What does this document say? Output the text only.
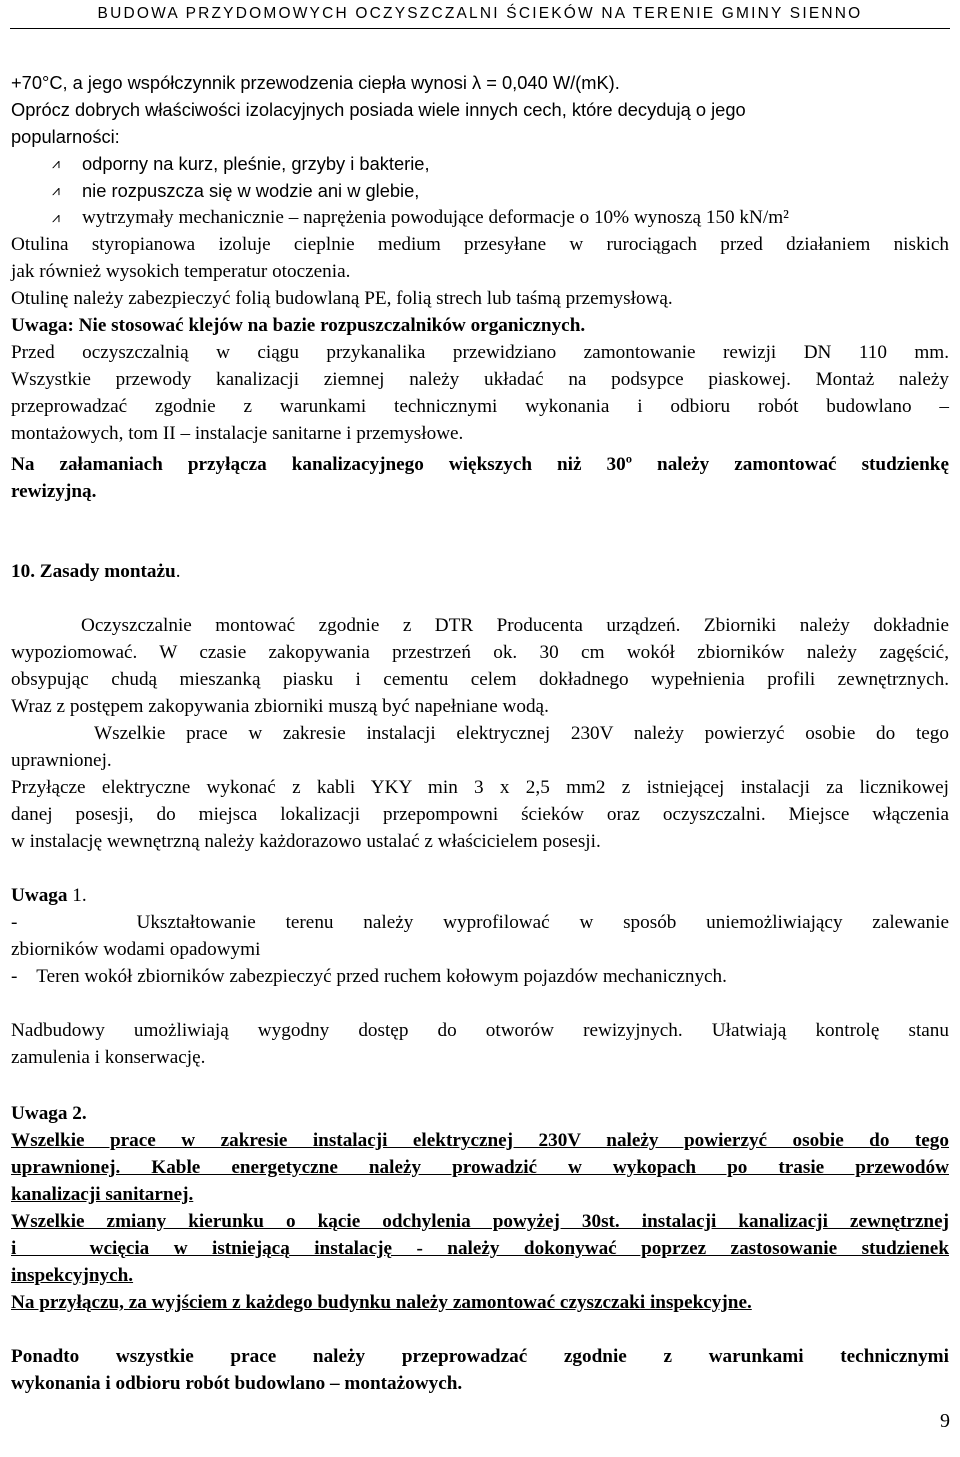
BUDOWA PRZYDOMOWYCH OCZYSZCZALNI ŚCIEKÓW NA TERENIE GMINY SIENNO
+70°C, a jego współczynnik przewodzenia ciepła wynosi λ = 0,040 W/(mK).
Oprócz dobrych właściwości izolacyjnych posiada wiele innych cech, które decydują o jego
popularności:
⩘ odporny na kurz, pleśnie, grzyby i bakterie,
⩘ nie rozpuszcza się w wodzie ani w glebie,
⩘ wytrzymały mechanicznie – naprężenia powodujące deformacje o 10% wynoszą 150 kN/m²
Otulina styropianowa izoluje cieplnie medium przesyłane w rurociągach przed działaniem niskich
jak również wysokich temperatur otoczenia.
Otulinę należy zabezpieczyć folią budowlaną PE, folią strech lub taśmą przemysłową.
Uwaga: Nie stosować klejów na bazie rozpuszczalników organicznych.
Przed oczyszczalnią w ciągu przykanalika przewidziano zamontowanie rewizji DN 110 mm.
Wszystkie przewody kanalizacji ziemnej należy układać na podsypce piaskowej. Montaż należy
przeprowadzać zgodnie z warunkami technicznymi wykonania i odbioru robót budowlano –
montażowych, tom II – instalacje sanitarne i przemysłowe.
Na załamaniach przyłącza kanalizacyjnego większych niż 30º należy zamontować studzienkę
rewizyjną.
10. Zasady montażu.
Oczyszczalnie montować zgodnie z DTR Producenta urządzeń. Zbiorniki należy dokładnie
wypoziomować. W czasie zakopywania przestrzeń ok. 30 cm wokół zbiorników należy zagęścić,
obsypując chudą mieszanką piasku i cementu celem dokładnego wypełnienia profili zewnętrznych.
Wraz z postępem zakopywania zbiorniki muszą być napełniane wodą.
Wszelkie prace w zakresie instalacji elektrycznej 230V należy powierzyć osobie do tego
uprawnionej.
Przyłącze elektryczne wykonać z kabli YKY min 3 x 2,5 mm2 z istniejącej instalacji za licznikowej
danej posesji, do miejsca lokalizacji przepompowni ścieków oraz oczyszczalni. Miejsce włączenia
w instalację wewnętrzną należy każdorazowo ustalać z właścicielem posesji.
Uwaga 1.
-    Ukształtowanie terenu należy wyprofilować w sposób uniemożliwiający zalewanie
zbiorników wodami opadowymi
-    Teren wokół zbiorników zabezpieczyć przed ruchem kołowym pojazdów mechanicznych.
Nadbudowy umożliwiają wygodny dostęp do otworów rewizyjnych. Ułatwiają kontrolę stanu
zamulenia i konserwację.
Uwaga 2.
Wszelkie prace w zakresie instalacji elektrycznej 230V należy powierzyć osobie do tego
uprawnionej. Kable energetyczne należy prowadzić w wykopach po trasie przewodów
kanalizacji sanitarnej.
Wszelkie zmiany kierunku o kącie odchylenia powyżej 30st. instalacji kanalizacji zewnętrznej
i   wcięcia w istniejącą instalację - należy dokonywać poprzez zastosowanie studzienek
inspekcyjnych.
Na przyłączu, za wyjściem z każdego budynku należy zamontować czyszczaki inspekcyjne.
Ponadto wszystkie prace należy przeprowadzać zgodnie z warunkami technicznymi
wykonania i odbioru robót budowlano – montażowych.
9
